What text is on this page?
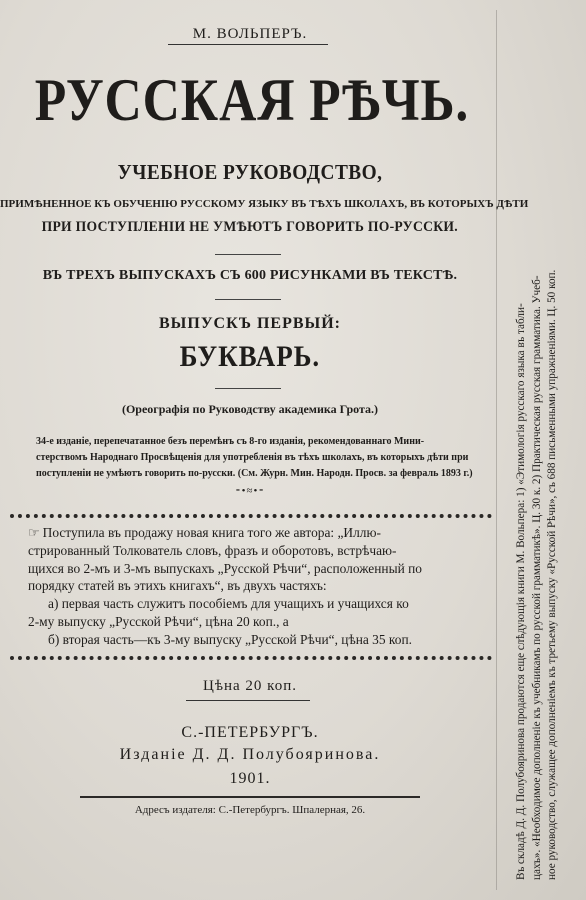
М. ВОЛЬПЕРЪ.
РУССКАЯ РѢЧЬ.
УЧЕБНОЕ РУКОВОДСТВО,
ПРИМѢНЕННОЕ КЪ ОБУЧЕНІЮ РУССКОМУ ЯЗЫКУ ВЪ ТѢХЪ ШКОЛАХЪ, ВЪ КОТОРЫХЪ ДѢТИ
ПРИ ПОСТУПЛЕНІИ НЕ УМѢЮТЪ ГОВОРИТЬ ПО-РУССКИ.
ВЪ ТРЕХЪ ВЫПУСКАХЪ СЪ 600 РИСУНКАМИ ВЪ ТЕКСТѢ.
ВЫПУСКЪ ПЕРВЫЙ:
БУКВАРЬ.
(Ореографія по Руководству академика Грота.)
34-е изданіе, перепечатанное безъ перемѣнъ съ 8-го изданія, рекомендованнаго Мини-
стерствомъ Народнаго Просвѣщенія для употребленія въ тѣхъ школахъ, въ которыхъ дѣти при
поступленіи не умѣютъ говорить по-русски. (См. Журн. Мин. Народн. Просв. за февраль 1893 г.)
⁃•≈•⁃
☞ Поступила въ продажу новая книга того же автора: „Иллю-
стрированный Толкователь словъ, фразъ и оборотовъ, встрѣчаю-
щихся во 2-мъ и 3-мъ выпускахъ „Русской Рѣчи“, расположенный по
порядку статей въ этихъ книгахъ“, въ двухъ частяхъ:
а) первая часть служитъ пособіемъ для учащихъ и учащихся ко
2-му выпуску „Русской Рѣчи“, цѣна 20 коп., а
б) вторая часть—къ 3-му выпуску „Русской Рѣчи“, цѣна 35 коп.
Цѣна 20 коп.
С.-ПЕТЕРБУРГЪ.
Изданіе Д. Д. Полубояринова.
1901.
Адресъ издателя: С.-Петербургъ. Шпалерная, 26.	Въ складѣ Д. Д. Полубояринова продаются еще слѣдующія книги М. Вольпера: 1) «Этимологія русскаго языка въ табли- цахъ». «Необходимое дополненіе къ учебникамъ по русской грамматикѣ». Ц. 30 к. 2) Практическая русская грамматика. Учеб- ное руководство, служащее дополненіемъ къ третьему выпуску «Русской Рѣчи», съ 688 письменными упражненіями. Ц. 50 коп.
